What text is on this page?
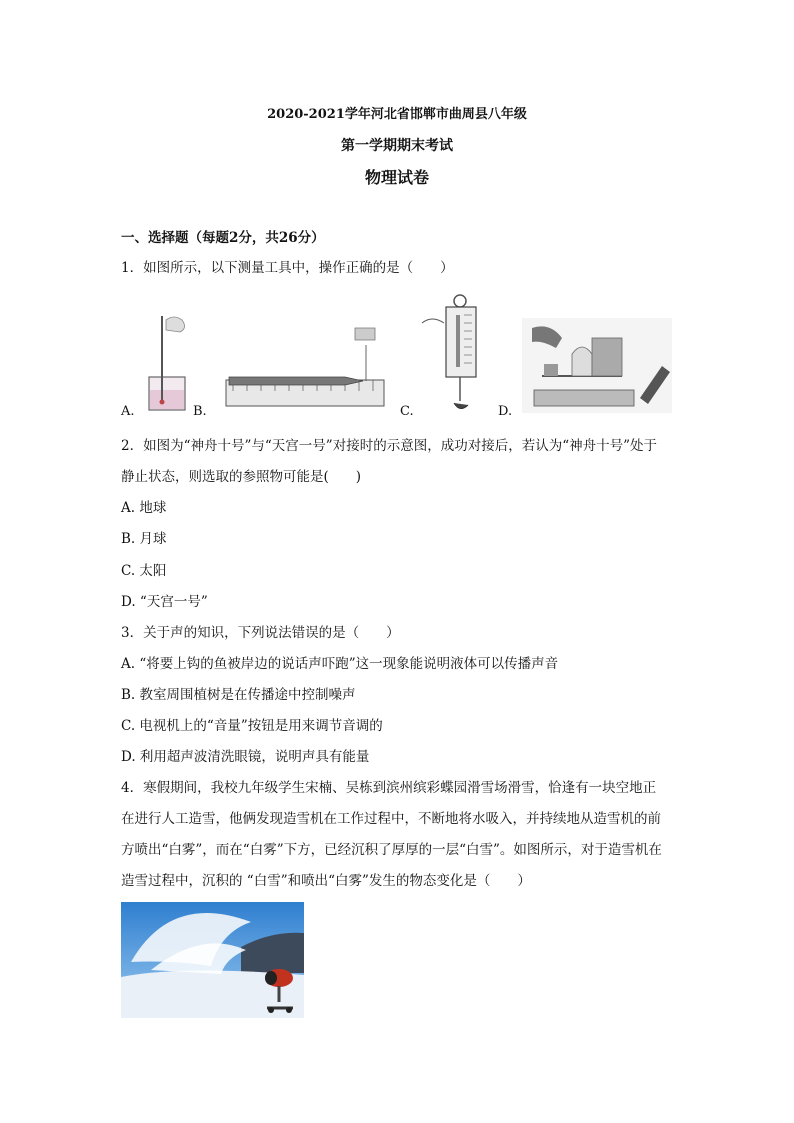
2020-2021学年河北省邯郸市曲周县八年级
第一学期期末考试
物理试卷
一、选择题（每题2分，共26分）
1．如图所示，以下测量工具中，操作正确的是（　　）
A.	B.	C.	D.
2．如图为“神舟十号”与“天宫一号”对接时的示意图，成功对接后，若认为“神舟十号”处于
静止状态，则选取的参照物可能是(　　)
A. 地球
B. 月球
C. 太阳
D. “天宫一号”
3．关于声的知识，下列说法错误的是（　　）
A. “将要上钩的鱼被岸边的说话声吓跑”这一现象能说明液体可以传播声音
B. 教室周围植树是在传播途中控制噪声
C. 电视机上的“音量”按钮是用来调节音调的
D. 利用超声波清洗眼镜，说明声具有能量
4．寒假期间，我校九年级学生宋楠、吴栋到滨州缤彩蝶园滑雪场滑雪，恰逢有一块空地正
在进行人工造雪，他俩发现造雪机在工作过程中，不断地将水吸入，并持续地从造雪机的前
方喷出“白雾”，而在“白雾”下方，已经沉积了厚厚的一层“白雪”。如图所示，对于造雪机在
造雪过程中，沉积的 “白雪”和喷出“白雾”发生的物态变化是（　　）
